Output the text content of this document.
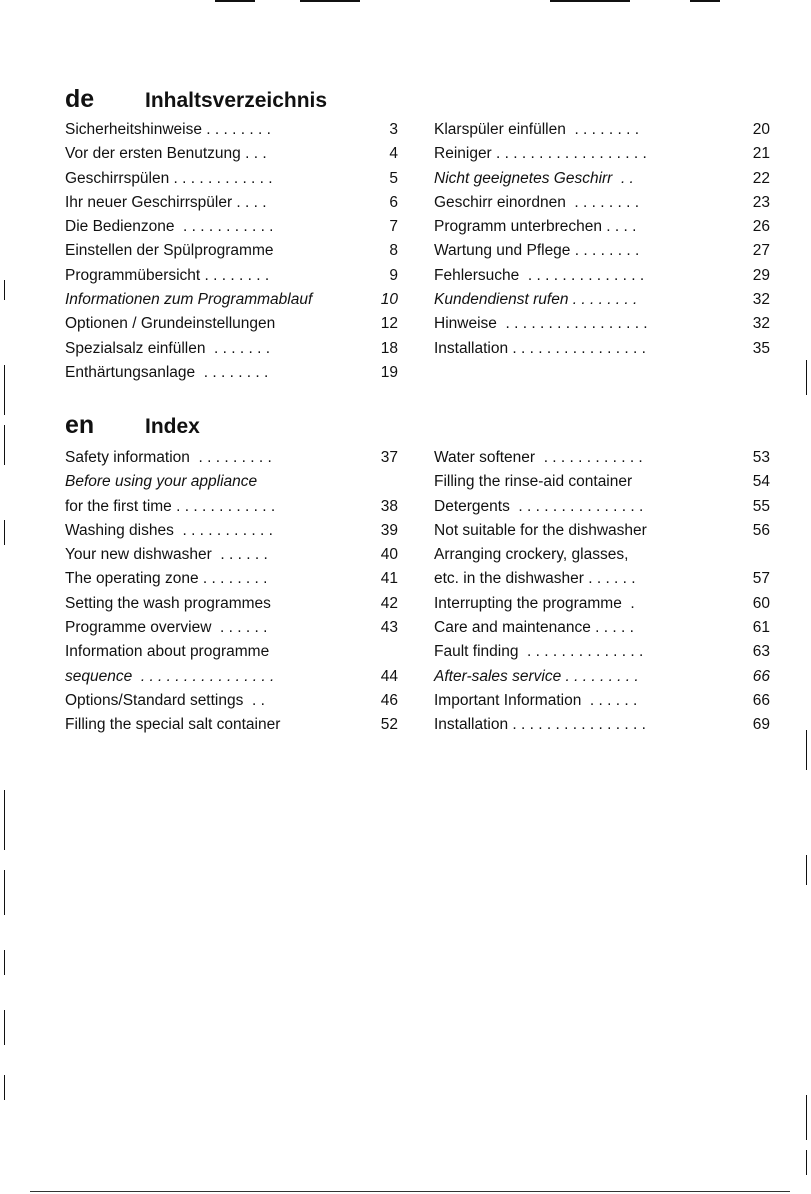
de Inhaltsverzeichnis
Sicherheitshinweise . . . . . . . .	3
Vor der ersten Benutzung . . .	4
Geschirrspülen . . . . . . . . . . . .	5
Ihr neuer Geschirrspüler . . . .	6
Die Bedienzone  . . . . . . . . . . .	7
Einstellen der Spülprogramme	8
Programmübersicht . . . . . . . .	9
Informationen zum Programmablauf	10
Optionen / Grundeinstellungen	12
Spezialsalz einfüllen  . . . . . . .	18
Enthärtungsanlage  . . . . . . . .	19
Klarspüler einfüllen  . . . . . . . .	20
Reiniger . . . . . . . . . . . . . . . . . .	21
Nicht geeignetes Geschirr  . .	22
Geschirr einordnen  . . . . . . . .	23
Programm unterbrechen . . . .	26
Wartung und Pflege . . . . . . . .	27
Fehlersuche  . . . . . . . . . . . . . .	29
Kundendienst rufen . . . . . . . .	32
Hinweise  . . . . . . . . . . . . . . . . .	32
Installation . . . . . . . . . . . . . . . .	35
en Index
Safety information  . . . . . . . . .	37
Before using your appliance
for the first time . . . . . . . . . . . .	38
Washing dishes  . . . . . . . . . . .	39
Your new dishwasher  . . . . . .	40
The operating zone . . . . . . . .	41
Setting the wash programmes	42
Programme overview  . . . . . .	43
Information about programme
sequence  . . . . . . . . . . . . . . . .	44
Options/Standard settings  . .	46
Filling the special salt container	52
Water softener  . . . . . . . . . . . .	53
Filling the rinse-aid container	54
Detergents  . . . . . . . . . . . . . . .	55
Not suitable for the dishwasher	56
Arranging crockery, glasses,
etc. in the dishwasher . . . . . .	57
Interrupting the programme  .	60
Care and maintenance . . . . .	61
Fault finding  . . . . . . . . . . . . . .	63
After-sales service . . . . . . . . .	66
Important Information  . . . . . .	66
Installation . . . . . . . . . . . . . . . .	69
